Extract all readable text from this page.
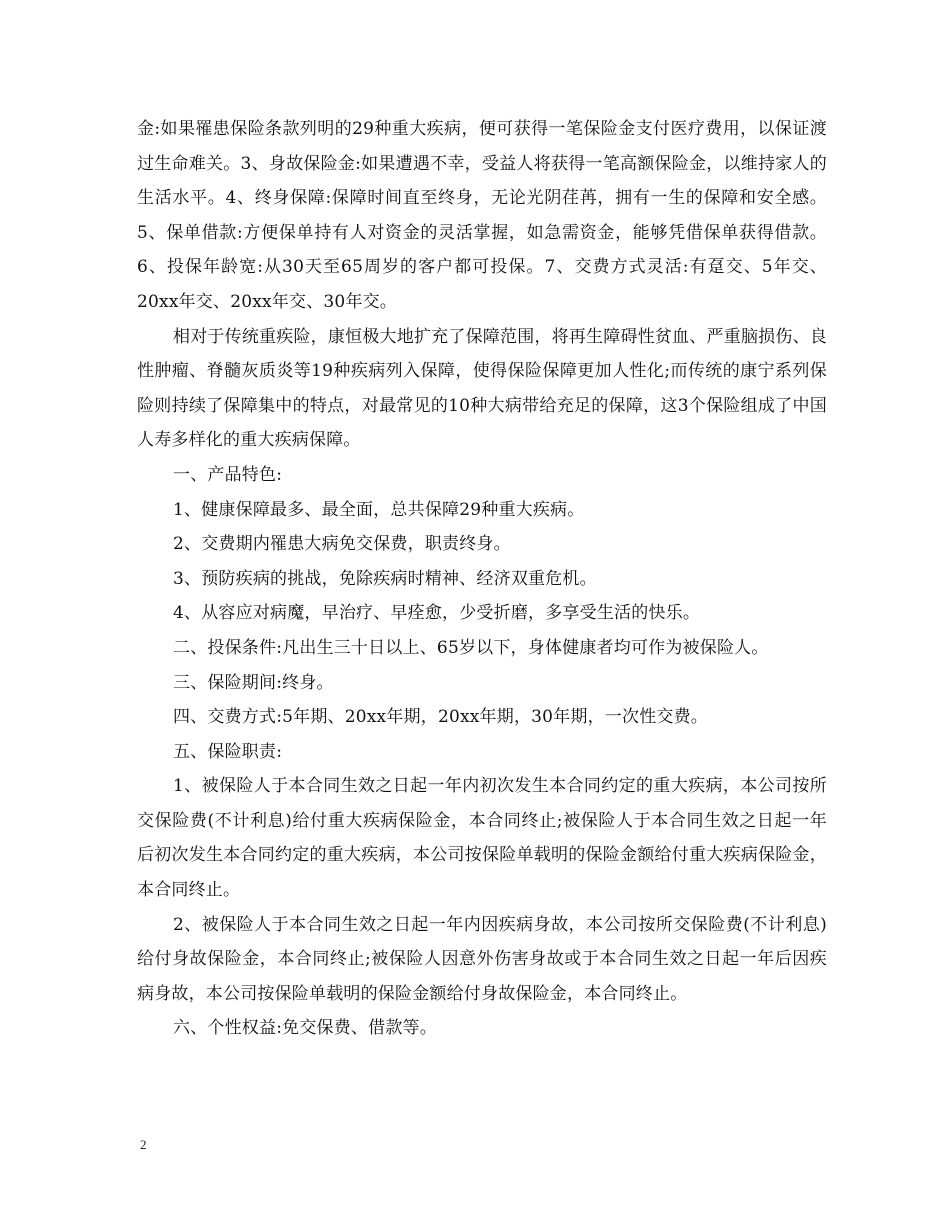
金:如果罹患保险条款列明的29种重大疾病，便可获得一笔保险金支付医疗费用，以保证渡过生命难关。3、身故保险金:如果遭遇不幸，受益人将获得一笔高额保险金，以维持家人的生活水平。4、终身保障:保障时间直至终身，无论光阴荏苒，拥有一生的保障和安全感。5、保单借款:方便保单持有人对资金的灵活掌握，如急需资金，能够凭借保单获得借款。6、投保年龄宽:从30天至65周岁的客户都可投保。7、交费方式灵活:有趸交、5年交、20xx年交、20xx年交、30年交。

相对于传统重疾险，康恒极大地扩充了保障范围，将再生障碍性贫血、严重脑损伤、良性肿瘤、脊髓灰质炎等19种疾病列入保障，使得保险保障更加人性化;而传统的康宁系列保险则持续了保障集中的特点，对最常见的10种大病带给充足的保障，这3个保险组成了中国人寿多样化的重大疾病保障。

一、产品特色:

1、健康保障最多、最全面，总共保障29种重大疾病。

2、交费期内罹患大病免交保费，职责终身。

3、预防疾病的挑战，免除疾病时精神、经济双重危机。

4、从容应对病魔，早治疗、早痊愈，少受折磨，多享受生活的快乐。

二、投保条件:凡出生三十日以上、65岁以下，身体健康者均可作为被保险人。

三、保险期间:终身。

四、交费方式:5年期、20xx年期，20xx年期，30年期，一次性交费。

五、保险职责:

1、被保险人于本合同生效之日起一年内初次发生本合同约定的重大疾病，本公司按所交保险费(不计利息)给付重大疾病保险金，本合同终止;被保险人于本合同生效之日起一年后初次发生本合同约定的重大疾病，本公司按保险单载明的保险金额给付重大疾病保险金，本合同终止。

2、被保险人于本合同生效之日起一年内因疾病身故，本公司按所交保险费(不计利息)给付身故保险金，本合同终止;被保险人因意外伤害身故或于本合同生效之日起一年后因疾病身故，本公司按保险单载明的保险金额给付身故保险金，本合同终止。

六、个性权益:免交保费、借款等。

2
